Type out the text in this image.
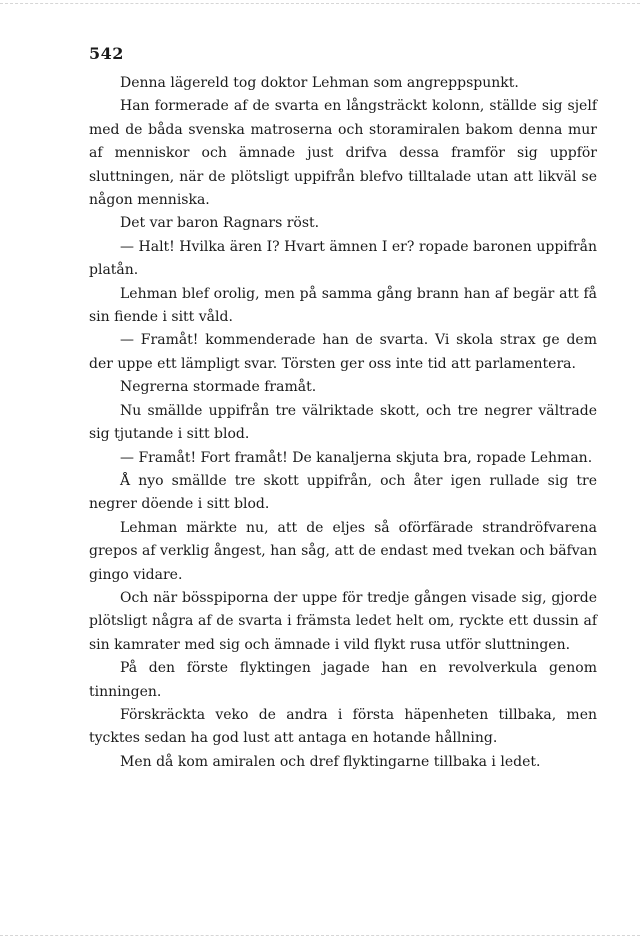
542

Denna lägereld tog doktor Lehman som angreppspunkt.

Han formerade af de svarta en långsträckt kolonn, ställde sig sjelf med de båda svenska matroserna och storamiralen bakom denna mur af menniskor och ämnade just drifva dessa framför sig uppför sluttningen, när de plötsligt uppifrån blefvo tilltalade utan att likväl se någon menniska.

Det var baron Ragnars röst.

— Halt! Hvilka ären I? Hvart ämnen I er? ropade baronen uppifrån platån.

Lehman blef orolig, men på samma gång brann han af begär att få sin fiende i sitt våld.

— Framåt! kommenderade han de svarta. Vi skola strax ge dem der uppe ett lämpligt svar. Törsten ger oss inte tid att parlamentera.

Negrerna stormade framåt.

Nu smällde uppifrån tre välriktade skott, och tre negrer vältrade sig tjutande i sitt blod.

— Framåt! Fort framåt! De kanaljerna skjuta bra, ropade Lehman.

Å nyo smällde tre skott uppifrån, och åter igen rullade sig tre negrer döende i sitt blod.

Lehman märkte nu, att de eljes så oförfärade strandröfvarena grepos af verklig ångest, han såg, att de endast med tvekan och bäfvan gingo vidare.

Och när bösspiporna der uppe för tredje gången visade sig, gjorde plötsligt några af de svarta i främsta ledet helt om, ryckte ett dussin af sin kamrater med sig och ämnade i vild flykt rusa utför sluttningen.

På den förste flyktingen jagade han en revolverkula genom tinningen.

Förskräckta veko de andra i första häpenheten tillbaka, men tycktes sedan ha god lust att antaga en hotande hållning.

Men då kom amiralen och dref flyktingarne tillbaka i ledet.
